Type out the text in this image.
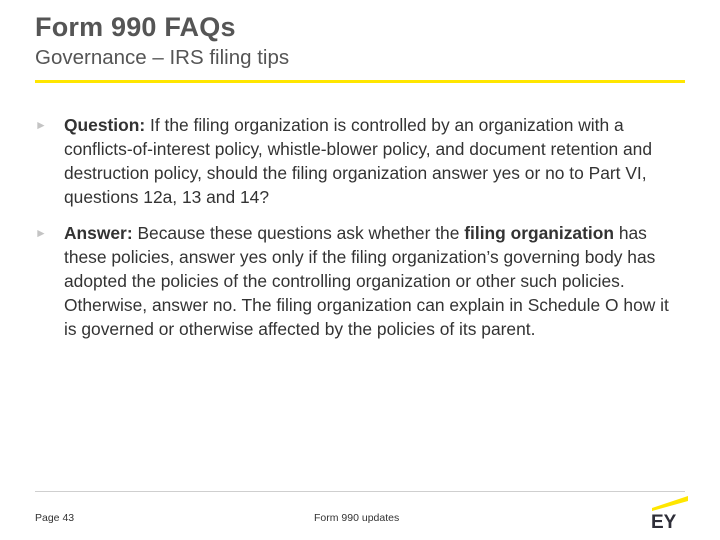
Form 990 FAQs
Governance – IRS filing tips
► Question: If the filing organization is controlled by an organization with a conflicts-of-interest policy, whistle-blower policy, and document retention and destruction policy, should the filing organization answer yes or no to Part VI, questions 12a, 13 and 14?
► Answer: Because these questions ask whether the filing organization has these policies, answer yes only if the filing organization’s governing body has adopted the policies of the controlling organization or other such policies. Otherwise, answer no. The filing organization can explain in Schedule O how it is governed or otherwise affected by the policies of its parent.
Page 43	Form 990 updates	EY
